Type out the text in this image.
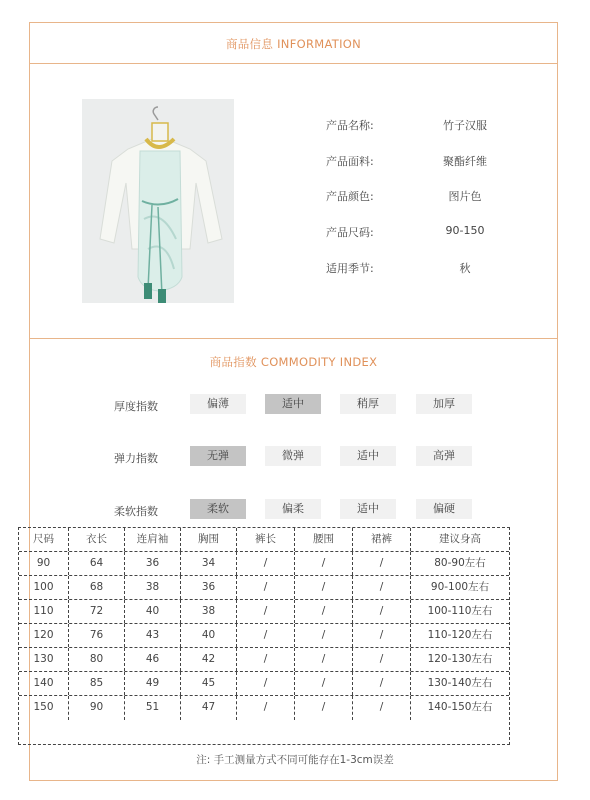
商品信息 INFORMATION
产品名称:	竹子汉服
产品面料:	聚酯纤维
产品颜色:	图片色
产品尺码:	90-150
适用季节:	秋
商品指数 COMMODITY INDEX
厚度指数	偏薄	适中	稍厚	加厚
弹力指数	无弹	微弹	适中	高弹
柔软指数	柔软	偏柔	适中	偏硬
尺码	衣长	连肩袖	胸围	裤长	腰围	裙裤	建议身高
90	64	36	34	/	/	/	80-90左右
100	68	38	36	/	/	/	90-100左右
110	72	40	38	/	/	/	100-110左右
120	76	43	40	/	/	/	110-120左右
130	80	46	42	/	/	/	120-130左右
140	85	49	45	/	/	/	130-140左右
150	90	51	47	/	/	/	140-150左右
注: 手工测量方式不同可能存在1-3cm误差
